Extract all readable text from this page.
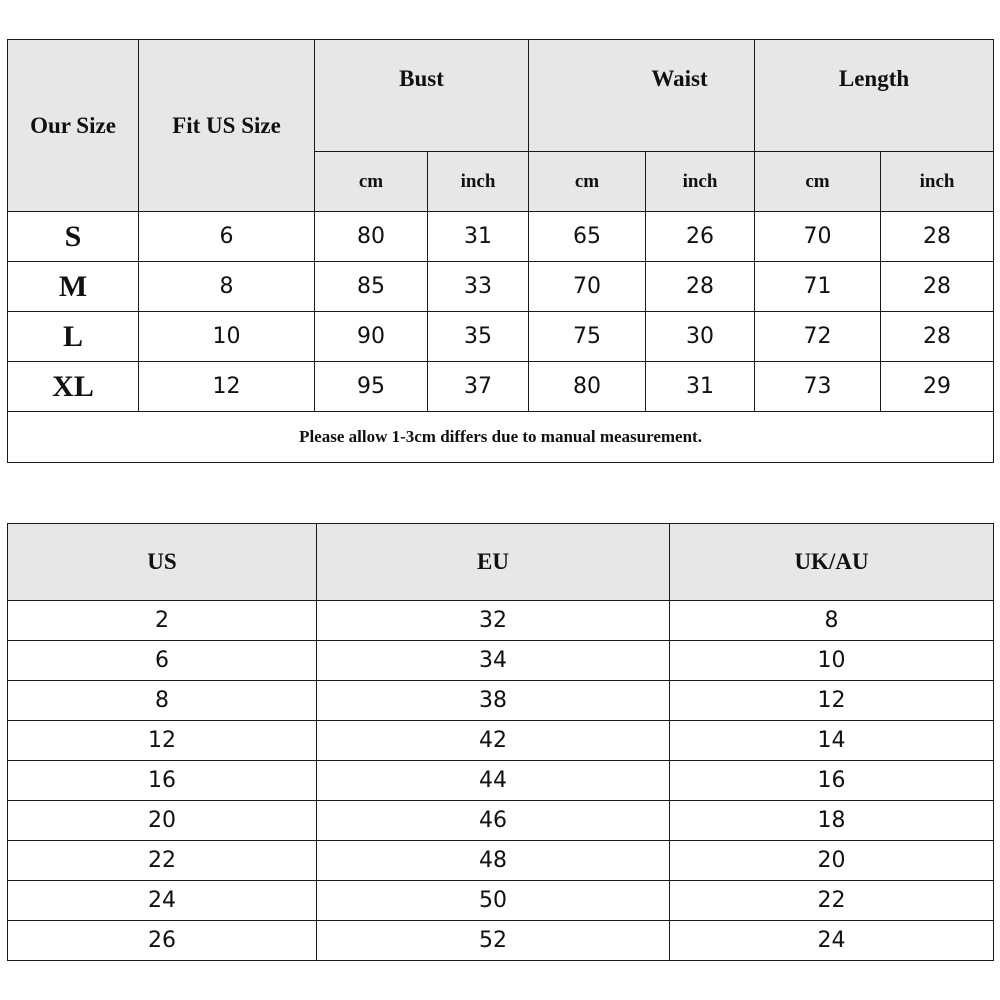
Our Size	Fit US Size	Bust		Waist		Length	
		cm	inch	cm	inch	cm	inch
S	6	80	31	65	26	70	28
M	8	85	33	70	28	71	28
L	10	90	35	75	30	72	28
XL	12	95	37	80	31	73	29
Please allow 1-3cm differs due to manual measurement.							
US	EU	UK/AU
2	32	8
6	34	10
8	38	12
12	42	14
16	44	16
20	46	18
22	48	20
24	50	22
26	52	24
